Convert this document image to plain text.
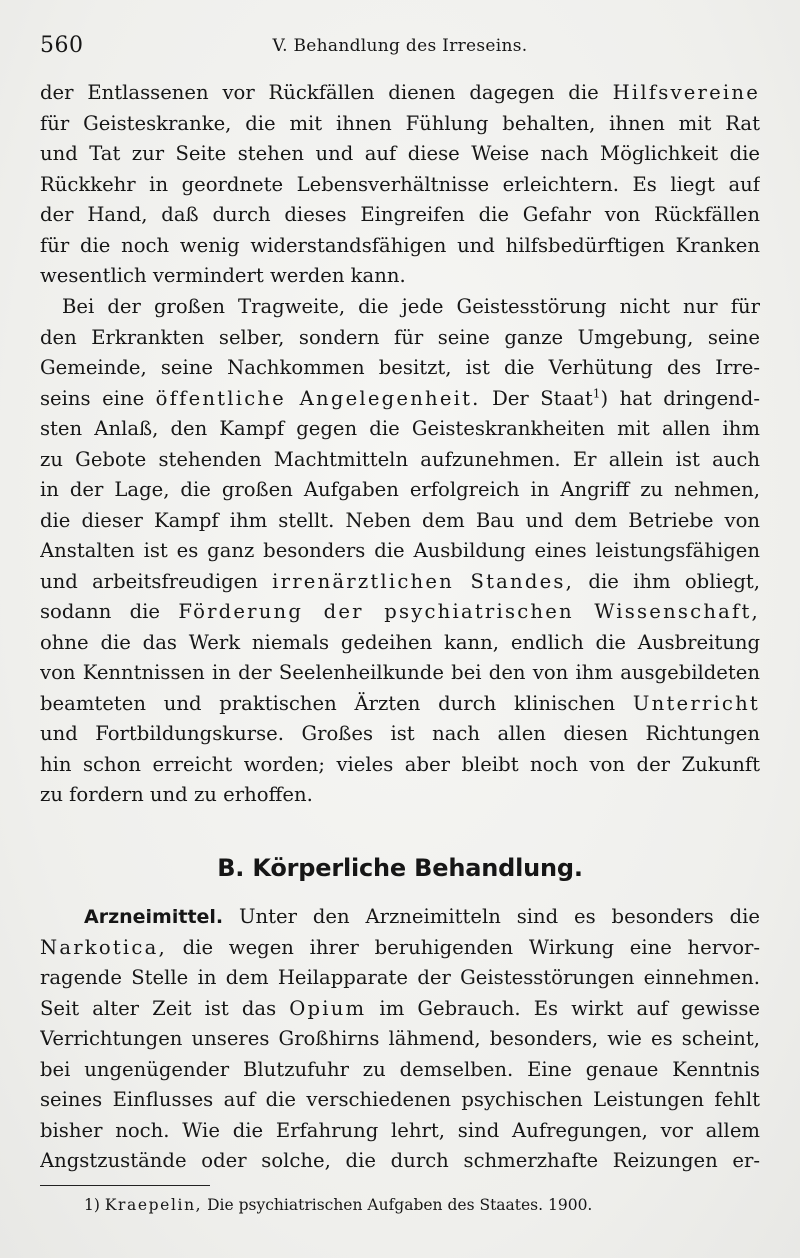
560	V. Behandlung des Irreseins.
der Entlassenen vor Rückfällen dienen dagegen die Hilfsvereine
für Geisteskranke, die mit ihnen Fühlung behalten, ihnen mit Rat
und Tat zur Seite stehen und auf diese Weise nach Möglichkeit die
Rückkehr in geordnete Lebensverhältnisse erleichtern. Es liegt auf
der Hand, daß durch dieses Eingreifen die Gefahr von Rückfällen
für die noch wenig widerstandsfähigen und hilfsbedürftigen Kranken
wesentlich vermindert werden kann.
Bei der großen Tragweite, die jede Geistesstörung nicht nur für
den Erkrankten selber, sondern für seine ganze Umgebung, seine
Gemeinde, seine Nachkommen besitzt, ist die Verhütung des Irre-
seins eine öffentliche Angelegenheit. Der Staat$^1$) hat dringend-
sten Anlaß, den Kampf gegen die Geisteskrankheiten mit allen ihm
zu Gebote stehenden Machtmitteln aufzunehmen. Er allein ist auch
in der Lage, die großen Aufgaben erfolgreich in Angriff zu nehmen,
die dieser Kampf ihm stellt. Neben dem Bau und dem Betriebe von
Anstalten ist es ganz besonders die Ausbildung eines leistungsfähigen
und arbeitsfreudigen irrenärztlichen Standes, die ihm obliegt,
sodann die Förderung der psychiatrischen Wissenschaft,
ohne die das Werk niemals gedeihen kann, endlich die Ausbreitung
von Kenntnissen in der Seelenheilkunde bei den von ihm ausgebildeten
beamteten und praktischen Ärzten durch klinischen Unterricht
und Fortbildungskurse. Großes ist nach allen diesen Richtungen
hin schon erreicht worden; vieles aber bleibt noch von der Zukunft
zu fordern und zu erhoffen.
B. Körperliche Behandlung.
Arzneimittel. Unter den Arzneimitteln sind es besonders die
Narkotica, die wegen ihrer beruhigenden Wirkung eine hervor-
ragende Stelle in dem Heilapparate der Geistesstörungen einnehmen.
Seit alter Zeit ist das Opium im Gebrauch. Es wirkt auf gewisse
Verrichtungen unseres Großhirns lähmend, besonders, wie es scheint,
bei ungenügender Blutzufuhr zu demselben. Eine genaue Kenntnis
seines Einflusses auf die verschiedenen psychischen Leistungen fehlt
bisher noch. Wie die Erfahrung lehrt, sind Aufregungen, vor allem
Angstzustände oder solche, die durch schmerzhafte Reizungen er-
1) Kraepelin, Die psychiatrischen Aufgaben des Staates. 1900.
